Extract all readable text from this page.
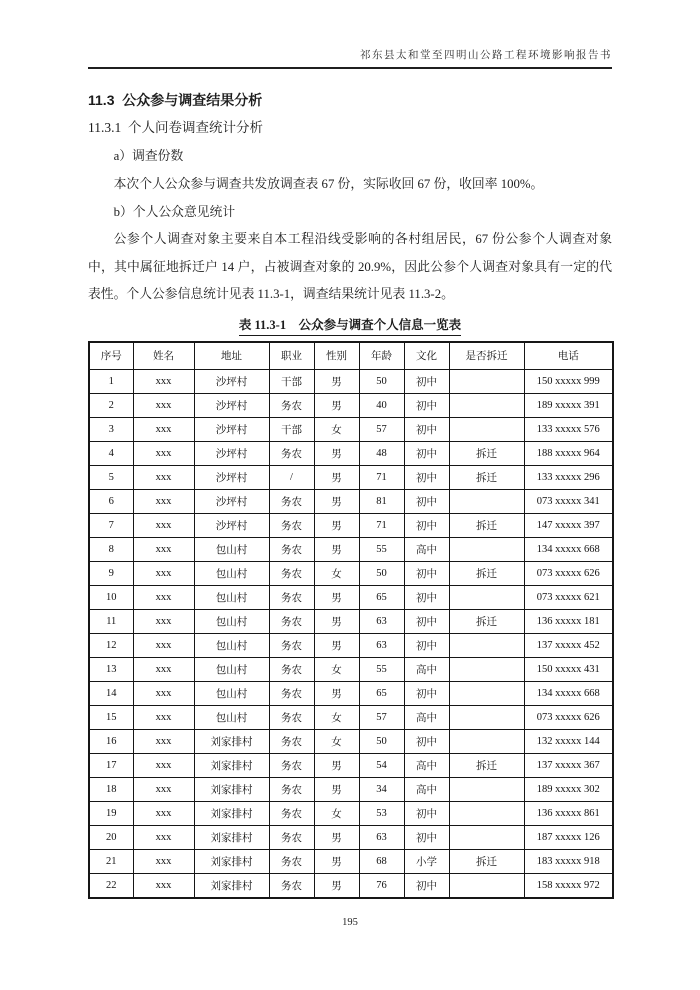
祁东县太和堂至四明山公路工程环境影响报告书
11.3  公众参与调查结果分析
11.3.1  个人问卷调查统计分析
a）调查份数
本次个人公众参与调查共发放调查表 67 份，实际收回 67 份，收回率 100%。
b）个人公众意见统计
公参个人调查对象主要来自本工程沿线受影响的各村组居民，67 份公参个人调查对象中，其中属征地拆迁户 14 户，占被调查对象的 20.9%，因此公参个人调查对象具有一定的代表性。个人公参信息统计见表 11.3-1，调查结果统计见表 11.3-2。
表 11.3-1    公众参与调查个人信息一览表
序号	姓名	地址	职业	性别	年龄	文化	是否拆迁	电话
1	xxx	沙坪村	干部	男	50	初中		150 xxxxx 999
2	xxx	沙坪村	务农	男	40	初中		189 xxxxx 391
3	xxx	沙坪村	干部	女	57	初中		133 xxxxx 576
4	xxx	沙坪村	务农	男	48	初中	拆迁	188 xxxxx 964
5	xxx	沙坪村	/	男	71	初中	拆迁	133 xxxxx 296
6	xxx	沙坪村	务农	男	81	初中		073 xxxxx 341
7	xxx	沙坪村	务农	男	71	初中	拆迁	147 xxxxx 397
8	xxx	包山村	务农	男	55	高中		134 xxxxx 668
9	xxx	包山村	务农	女	50	初中	拆迁	073 xxxxx 626
10	xxx	包山村	务农	男	65	初中		073 xxxxx 621
11	xxx	包山村	务农	男	63	初中	拆迁	136 xxxxx 181
12	xxx	包山村	务农	男	63	初中		137 xxxxx 452
13	xxx	包山村	务农	女	55	高中		150 xxxxx 431
14	xxx	包山村	务农	男	65	初中		134 xxxxx 668
15	xxx	包山村	务农	女	57	高中		073 xxxxx 626
16	xxx	刘家排村	务农	女	50	初中		132 xxxxx 144
17	xxx	刘家排村	务农	男	54	高中	拆迁	137 xxxxx 367
18	xxx	刘家排村	务农	男	34	高中		189 xxxxx 302
19	xxx	刘家排村	务农	女	53	初中		136 xxxxx 861
20	xxx	刘家排村	务农	男	63	初中		187 xxxxx 126
21	xxx	刘家排村	务农	男	68	小学	拆迁	183 xxxxx 918
22	xxx	刘家排村	务农	男	76	初中		158 xxxxx 972
195
